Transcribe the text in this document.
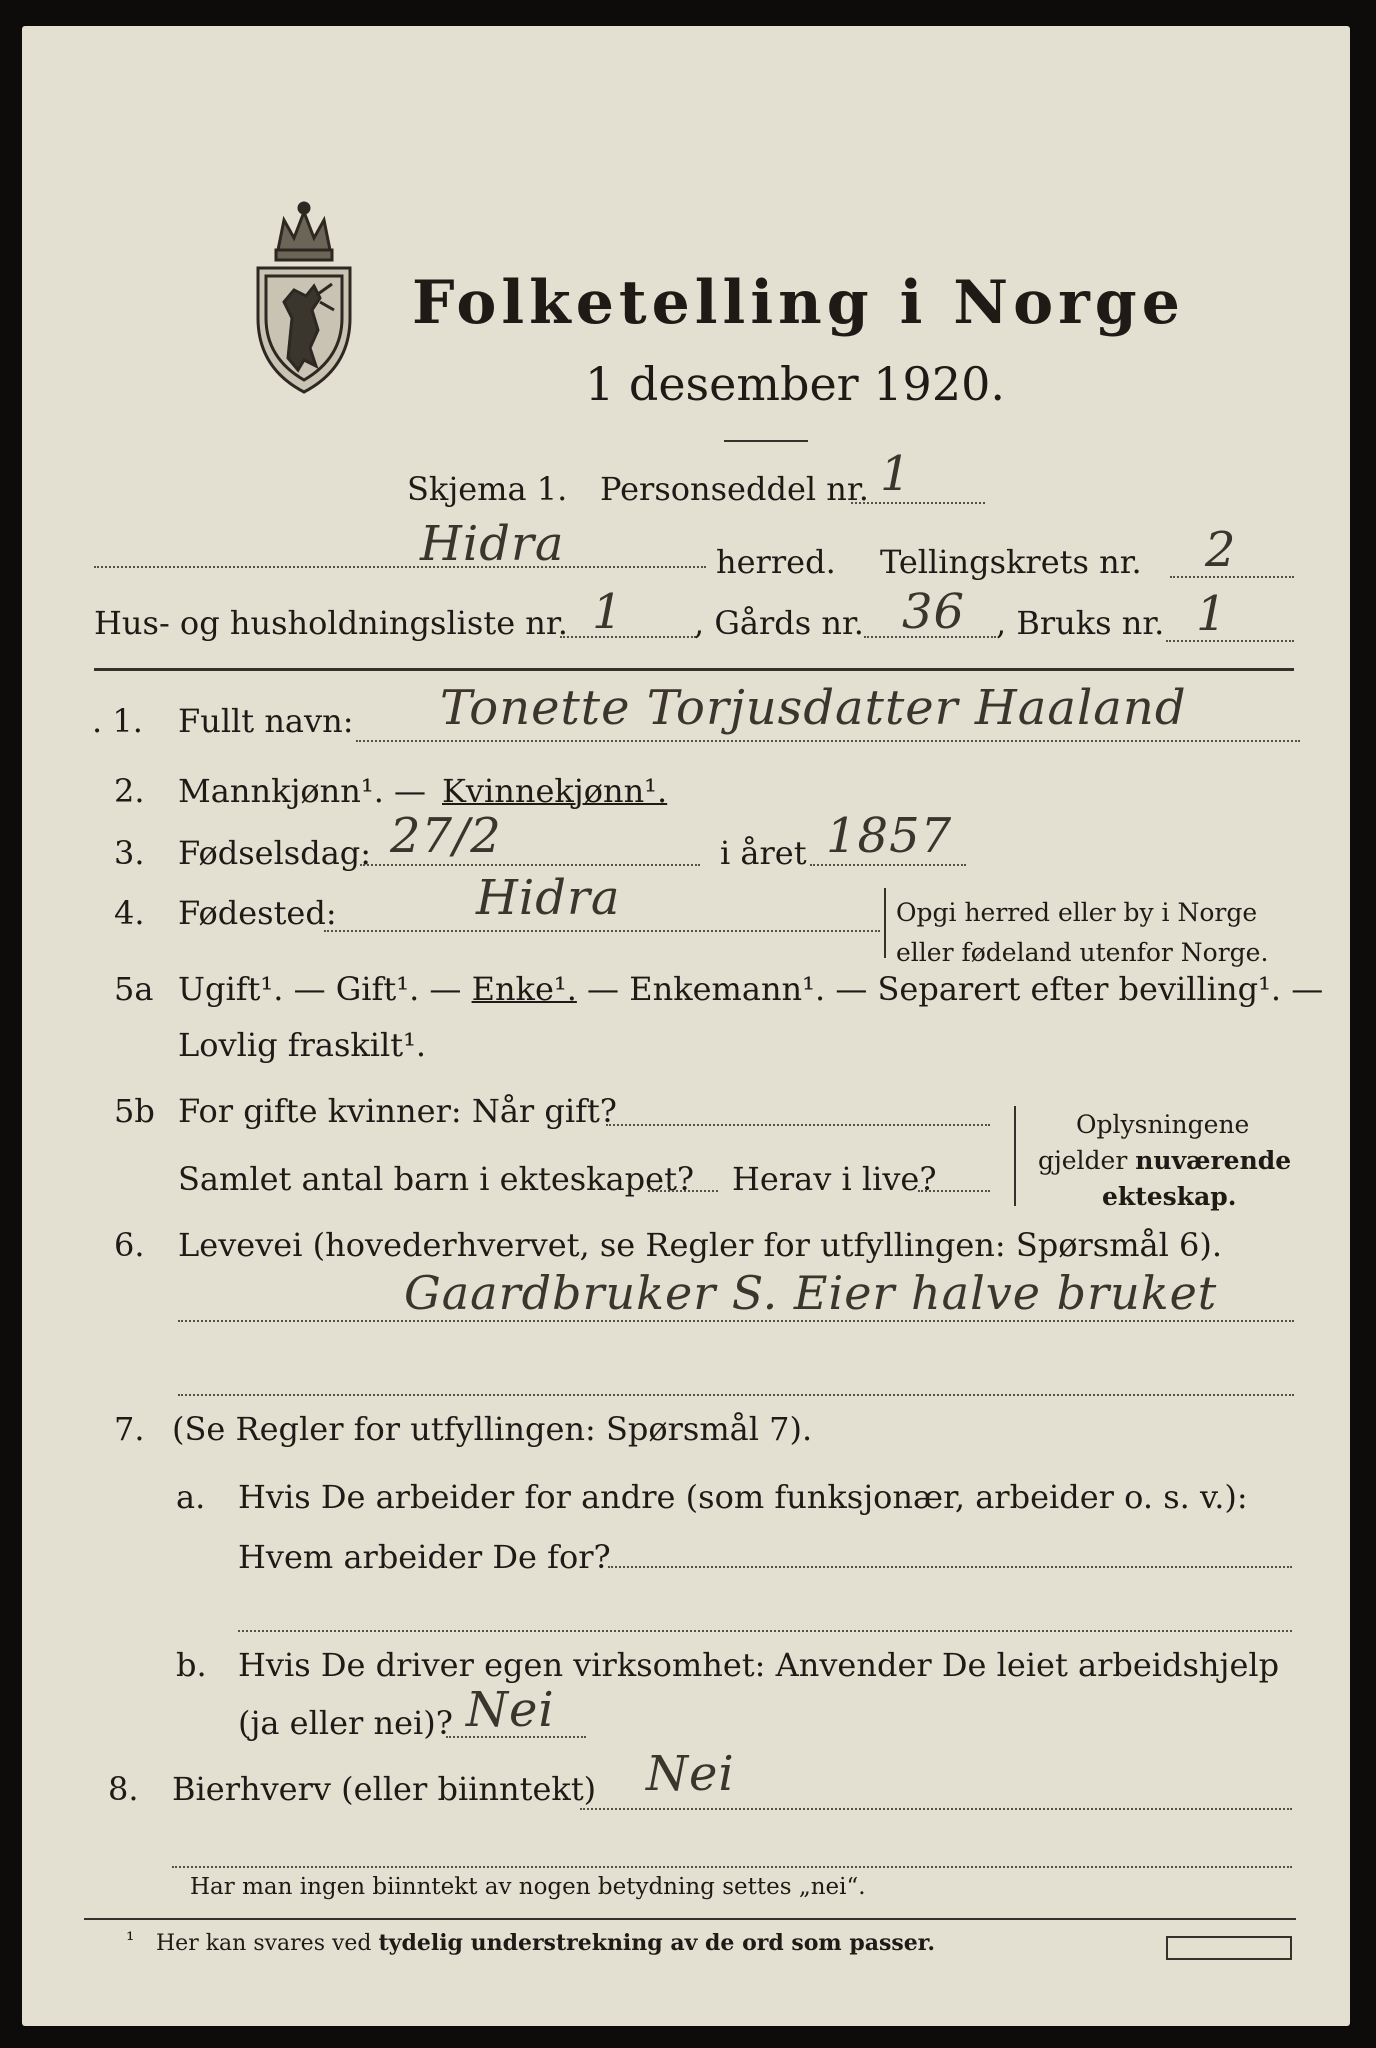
Folketelling i Norge
1 desember 1920.
Skjema 1. Personseddel nr. 1
Hidra	herred. Tellingskrets nr. 2
Hus- og husholdningsliste nr. 1 , Gårds nr. 36 , Bruks nr. 1
. 1. Fullt navn: Tonette Torjusdatter Haaland
2. Mannkjønn¹. — Kvinnekjønn¹.
3. Fødselsdag: 27/2	i året 1857
4. Fødested:	Hidra	Opgi herred eller by i Norge
eller fødeland utenfor Norge.
5a Ugift¹. — Gift¹. — Enke¹. — Enkemann¹. — Separert efter bevilling¹. —
Lovlig fraskilt¹.
5b For gifte kvinner: Når gift?
Samlet antal barn i ekteskapet? Herav i live?
Oplysningene
gjelder nuværende
ekteskap.
6. Levevei (hovederhvervet, se Regler for utfyllingen: Spørsmål 6).
Gaardbruker S. Eier halve bruket
7. (Se Regler for utfyllingen: Spørsmål 7).
a. Hvis De arbeider for andre (som funksjonær, arbeider o. s. v.):
Hvem arbeider De for?
b. Hvis De driver egen virksomhet: Anvender De leiet arbeidshjelp
(ja eller nei)? Nei
8. Bierhverv (eller biinntekt) Nei
Har man ingen biinntekt av nogen betydning settes „nei“.
¹ Her kan svares ved tydelig understrekning av de ord som passer.
